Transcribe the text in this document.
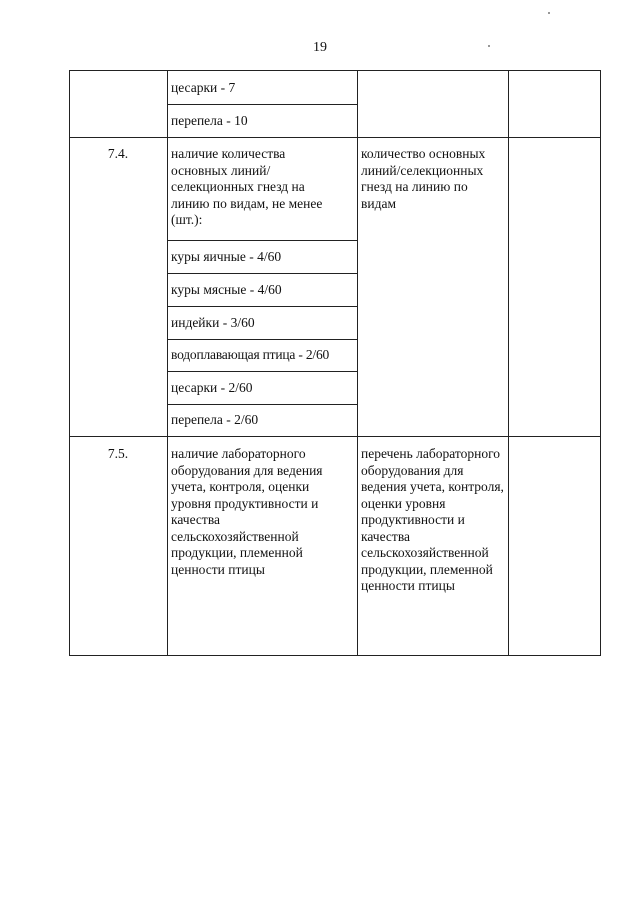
19
цесарки - 7
перепела - 10
7.4.	наличие количества основных линий/селекционных гнезд на линию по видам, не менее (шт.):
куры яичные - 4/60
куры мясные - 4/60
индейки - 3/60
водоплавающая птица - 2/60
цесарки - 2/60
перепела - 2/60
количество основных линий/селекционных гнезд на линию по видам
7.5.	наличие лабораторного оборудования для ведения учета, контроля, оценки уровня продуктивности и качества сельскохозяйственной продукции, племенной ценности птицы
перечень лабораторного оборудования для ведения учета, контроля, оценки уровня продуктивности и качества сельскохозяйственной продукции, племенной ценности птицы
